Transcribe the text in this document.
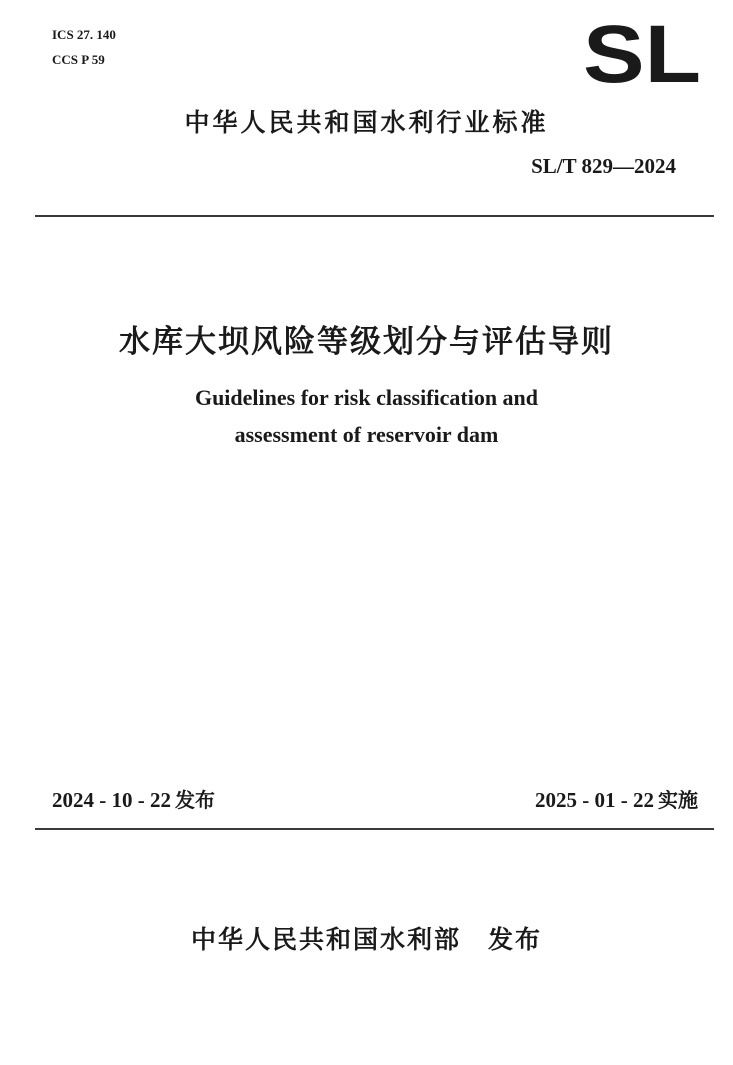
ICS 27. 140
CCS P 59	SL
中华人民共和国水利行业标准
SL/T 829—2024
水库大坝风险等级划分与评估导则
Guidelines for risk classification and
assessment of reservoir dam
2024 - 10 - 22 发布	2025 - 01 - 22 实施
中华人民共和国水利部　发布
